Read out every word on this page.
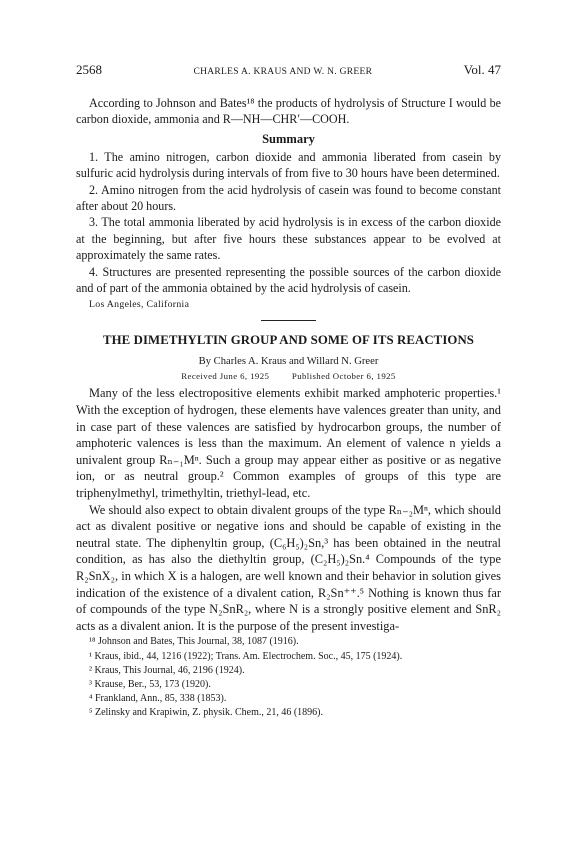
2568	CHARLES A. KRAUS AND W. N. GREER	Vol. 47

According to Johnson and Bates¹⁸ the products of hydrolysis of Structure I would be carbon dioxide, ammonia and R—NH—CHR′—COOH.

Summary

1. The amino nitrogen, carbon dioxide and ammonia liberated from casein by sulfuric acid hydrolysis during intervals of from five to 30 hours have been determined.

2. Amino nitrogen from the acid hydrolysis of casein was found to become constant after about 20 hours.

3. The total ammonia liberated by acid hydrolysis is in excess of the carbon dioxide at the beginning, but after five hours these substances appear to be evolved at approximately the same rates.

4. Structures are presented representing the possible sources of the carbon dioxide and of part of the ammonia obtained by the acid hydrolysis of casein.

Los Angeles, California
THE DIMETHYLTIN GROUP AND SOME OF ITS REACTIONS
By Charles A. Kraus and Willard N. Greer
Received June 6, 1925	Published October 6, 1925

Many of the less electropositive elements exhibit marked amphoteric properties.¹ With the exception of hydrogen, these elements have valences greater than unity, and in case part of these valences are satisfied by hydrocarbon groups, the number of amphoteric valences is less than the maximum. An element of valence n yields a univalent group Rₙ₋₁Mⁿ. Such a group may appear either as positive or as negative ion, or as neutral group.² Common examples of groups of this type are triphenylmethyl, trimethyltin, triethyl-lead, etc.

We should also expect to obtain divalent groups of the type Rₙ₋₂Mⁿ, which should act as divalent positive or negative ions and should be capable of existing in the neutral state. The diphenyltin group, (C₆H₅)₂Sn,³ has been obtained in the neutral condition, as has also the diethyltin group, (C₂H₅)₂Sn.⁴ Compounds of the type R₂SnX₂, in which X is a halogen, are well known and their behavior in solution gives indication of the existence of a divalent cation, R₂Sn⁺⁺.⁵ Nothing is known thus far of compounds of the type N₂SnR₂, where N is a strongly positive element and SnR₂ acts as a divalent anion. It is the purpose of the present investiga-

¹⁸ Johnson and Bates, This Journal, 38, 1087 (1916).
¹ Kraus, ibid., 44, 1216 (1922); Trans. Am. Electrochem. Soc., 45, 175 (1924).
² Kraus, This Journal, 46, 2196 (1924).
³ Krause, Ber., 53, 173 (1920).
⁴ Frankland, Ann., 85, 338 (1853).
⁵ Zelinsky and Krapiwin, Z. physik. Chem., 21, 46 (1896).
